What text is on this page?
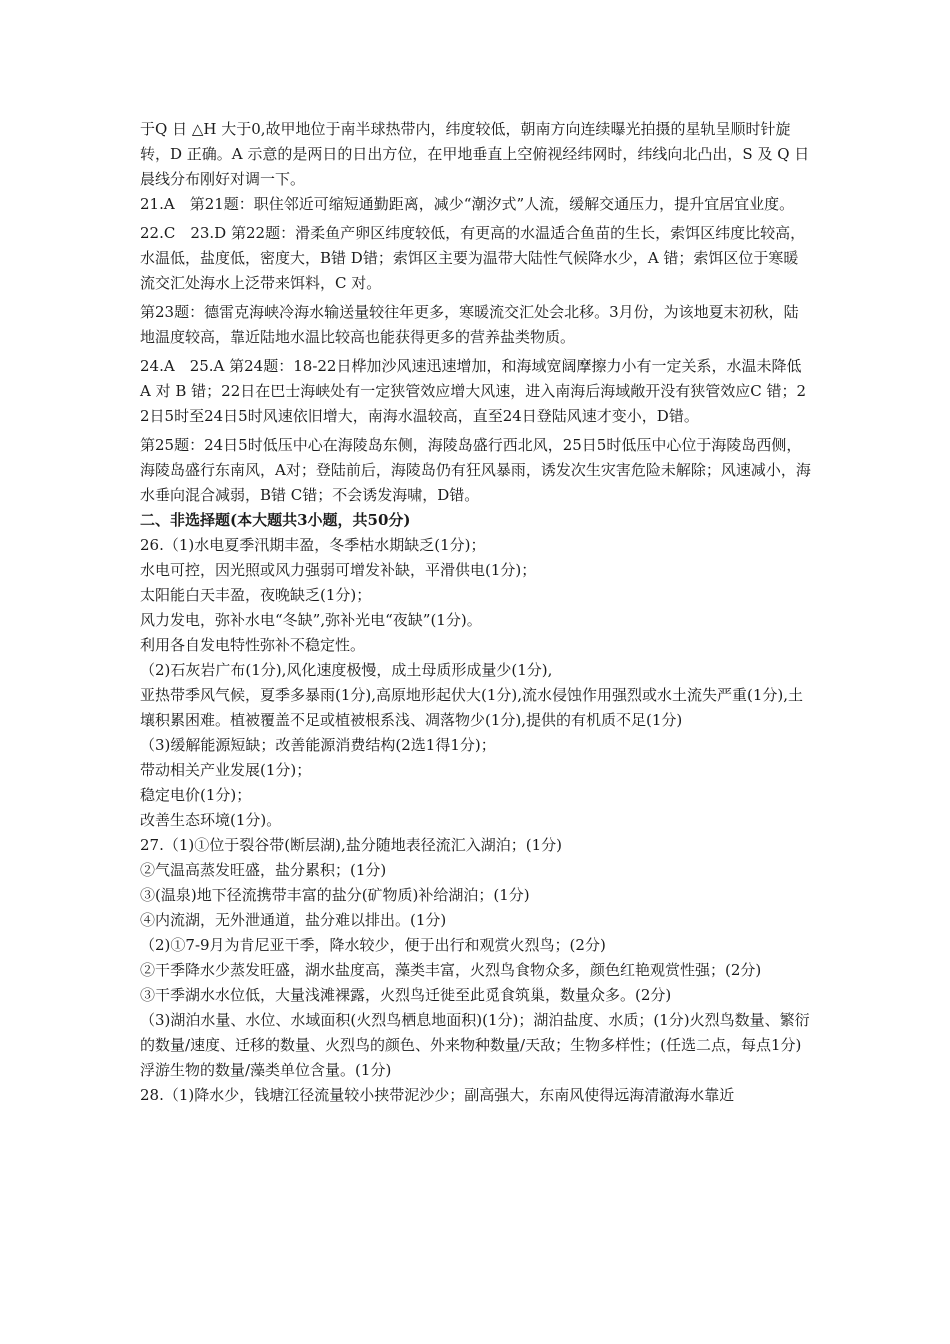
于Q 日 △H 大于0,故甲地位于南半球热带内，纬度较低，朝南方向连续曝光拍摄的星轨呈顺时针旋转，D 正确。A 示意的是两日的日出方位，在甲地垂直上空俯视经纬网时，纬线向北凸出，S 及 Q 日晨线分布刚好对调一下。

21.A　第21题：职住邻近可缩短通勤距离，减少“潮汐式”人流，缓解交通压力，提升宜居宜业度。

22.C　23.D 第22题：滑柔鱼产卵区纬度较低，有更高的水温适合鱼苗的生长，索饵区纬度比较高，水温低，盐度低，密度大，B错 D错；索饵区主要为温带大陆性气候降水少，A 错；索饵区位于寒暖流交汇处海水上泛带来饵料，C 对。

第23题：德雷克海峡冷海水输送量较往年更多，寒暖流交汇处会北移。3月份，为该地夏末初秋，陆地温度较高，靠近陆地水温比较高也能获得更多的营养盐类物质。

24.A　25.A 第24题：18-22日桦加沙风速迅速增加，和海域宽阔摩擦力小有一定关系，水温未降低A 对 B 错；22日在巴士海峡处有一定狭管效应增大风速，进入南海后海域敞开没有狭管效应C 错；22日5时至24日5时风速依旧增大，南海水温较高，直至24日登陆风速才变小，D错。

第25题：24日5时低压中心在海陵岛东侧，海陵岛盛行西北风，25日5时低压中心位于海陵岛西侧，海陵岛盛行东南风，A对；登陆前后，海陵岛仍有狂风暴雨，诱发次生灾害危险未解除；风速减小，海水垂向混合减弱，B错 C错；不会诱发海啸，D错。

二、非选择题(本大题共3小题，共50分)

26.（1)水电夏季汛期丰盈，冬季枯水期缺乏(1分)；

水电可控，因光照或风力强弱可增发补缺，平滑供电(1分)；

太阳能白天丰盈，夜晚缺乏(1分)；

风力发电，弥补水电“冬缺”,弥补光电“夜缺”(1分)。

利用各自发电特性弥补不稳定性。

（2)石灰岩广布(1分),风化速度极慢，成土母质形成量少(1分),

亚热带季风气候，夏季多暴雨(1分),高原地形起伏大(1分),流水侵蚀作用强烈或水土流失严重(1分),土壤积累困难。植被覆盖不足或植被根系浅、凋落物少(1分),提供的有机质不足(1分)

（3)缓解能源短缺；改善能源消费结构(2选1得1分)；

带动相关产业发展(1分)；

稳定电价(1分)；

改善生态环境(1分)。

27.（1)①位于裂谷带(断层湖),盐分随地表径流汇入湖泊；(1分)

②气温高蒸发旺盛，盐分累积；(1分)

③(温泉)地下径流携带丰富的盐分(矿物质)补给湖泊；(1分)

④内流湖，无外泄通道，盐分难以排出。(1分)

（2)①7-9月为肯尼亚干季，降水较少，便于出行和观赏火烈鸟；(2分)

②干季降水少蒸发旺盛，湖水盐度高，藻类丰富，火烈鸟食物众多，颜色红艳观赏性强；(2分)

③干季湖水水位低，大量浅滩裸露，火烈鸟迁徙至此觅食筑巢，数量众多。(2分)

（3)湖泊水量、水位、水域面积(火烈鸟栖息地面积)(1分)；湖泊盐度、水质；(1分)火烈鸟数量、繁衍的数量/速度、迁移的数量、火烈鸟的颜色、外来物种数量/天敌；生物多样性；(任选二点，每点1分)

浮游生物的数量/藻类单位含量。(1分)

28.（1)降水少，钱塘江径流量较小挟带泥沙少；副高强大，东南风使得远海清澈海水靠近
